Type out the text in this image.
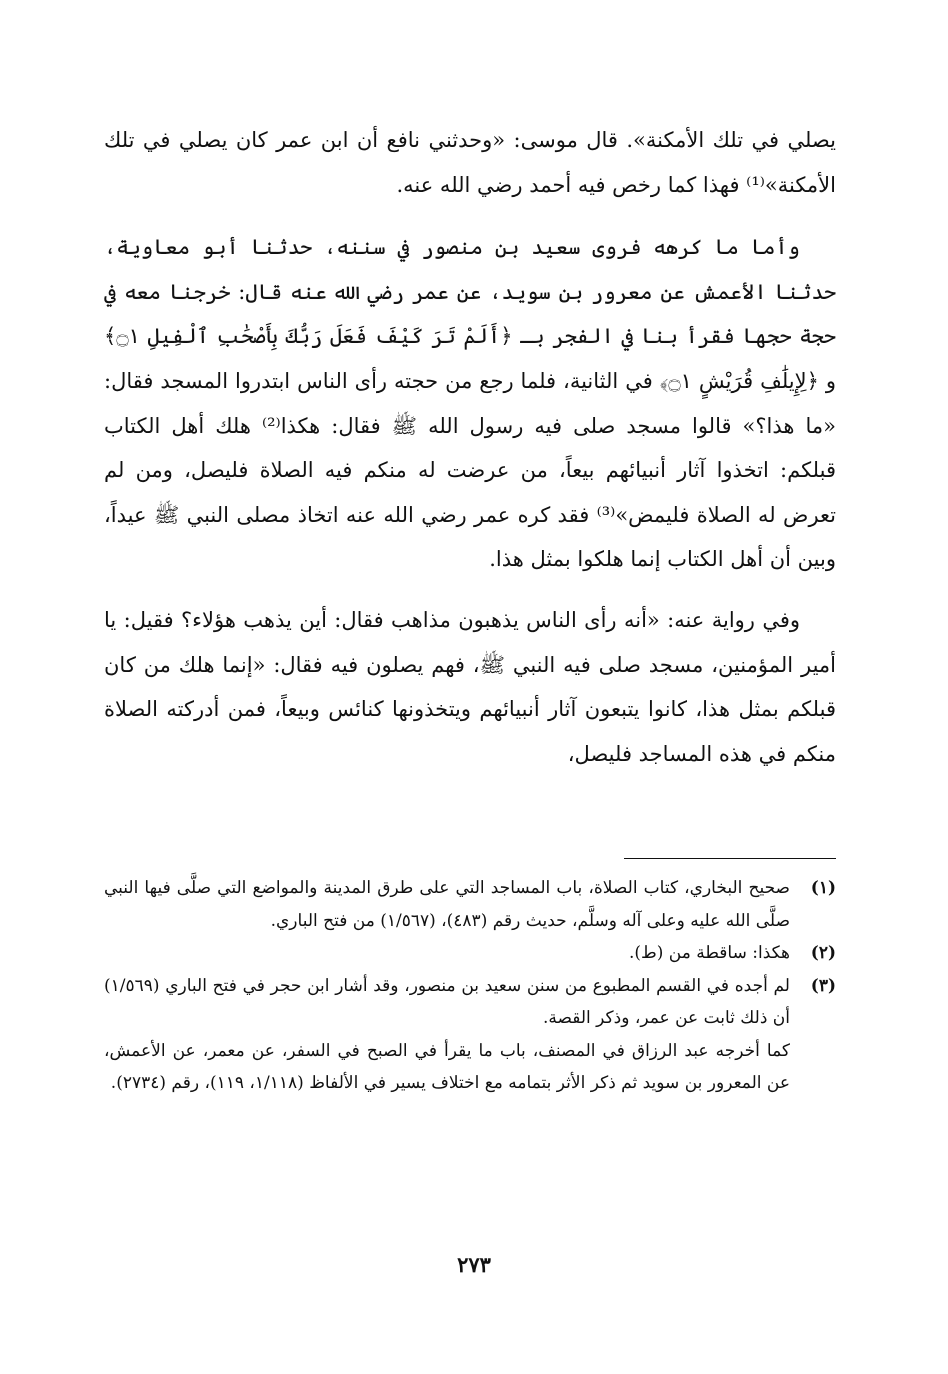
يصلي في تلك الأمكنة». قال موسى: «وحدثني نافع أن ابن عمر كان يصلي في تلك الأمكنة»⁽¹⁾ فهذا كما رخص فيه أحمد رضي الله عنه.

وأما ما كرهه فروى سعيد بن منصور في سننه، حدثنا أبو معاوية، حدثنا الأعمش عن معرور بن سويد، عن عمر رضي الله عنه قال: خرجنا معه في حجة حجها فقرأ بنا في الفجر بـ ﴿أَلَمْ تَرَ كَيْفَ فَعَلَ رَبُّكَ بِأَصْحَٰبِ ٱلْفِيلِ ۝١﴾ و ﴿لِإِيلَٰفِ قُرَيْشٍ ۝١﴾ في الثانية، فلما رجع من حجته رأى الناس ابتدروا المسجد فقال: «ما هذا؟» قالوا مسجد صلى فيه رسول الله ﷺ فقال: هكذا⁽²⁾ هلك أهل الكتاب قبلكم: اتخذوا آثار أنبيائهم بيعاً، من عرضت له منكم فيه الصلاة فليصل، ومن لم تعرض له الصلاة فليمض»⁽³⁾ فقد كره عمر رضي الله عنه اتخاذ مصلى النبي ﷺ عيداً، وبين أن أهل الكتاب إنما هلكوا بمثل هذا.

وفي رواية عنه: «أنه رأى الناس يذهبون مذاهب فقال: أين يذهب هؤلاء؟ فقيل: يا أمير المؤمنين، مسجد صلى فيه النبي ﷺ، فهم يصلون فيه فقال: «إنما هلك من كان قبلكم بمثل هذا، كانوا يتبعون آثار أنبيائهم ويتخذونها كنائس وبيعاً، فمن أدركته الصلاة منكم في هذه المساجد فليصل،

(١)
صحيح البخاري، كتاب الصلاة، باب المساجد التي على طرق المدينة والمواضع التي صلَّى فيها النبي صلَّى الله عليه وعلى آله وسلَّم، حديث رقم (٤٨٣)، (١/٥٦٧) من فتح الباري.
(٢)
هكذا: ساقطة من (ط).
(٣)
لم أجده في القسم المطبوع من سنن سعيد بن منصور، وقد أشار ابن حجر في فتح الباري (١/٥٦٩) أن ذلك ثابت عن عمر، وذكر القصة.
كما أخرجه عبد الرزاق في المصنف، باب ما يقرأ في الصبح في السفر، عن معمر، عن الأعمش، عن المعرور بن سويد ثم ذكر الأثر بتمامه مع اختلاف يسير في الألفاظ (١/١١٨، ١١٩)، رقم (٢٧٣٤).
٢٧٣
